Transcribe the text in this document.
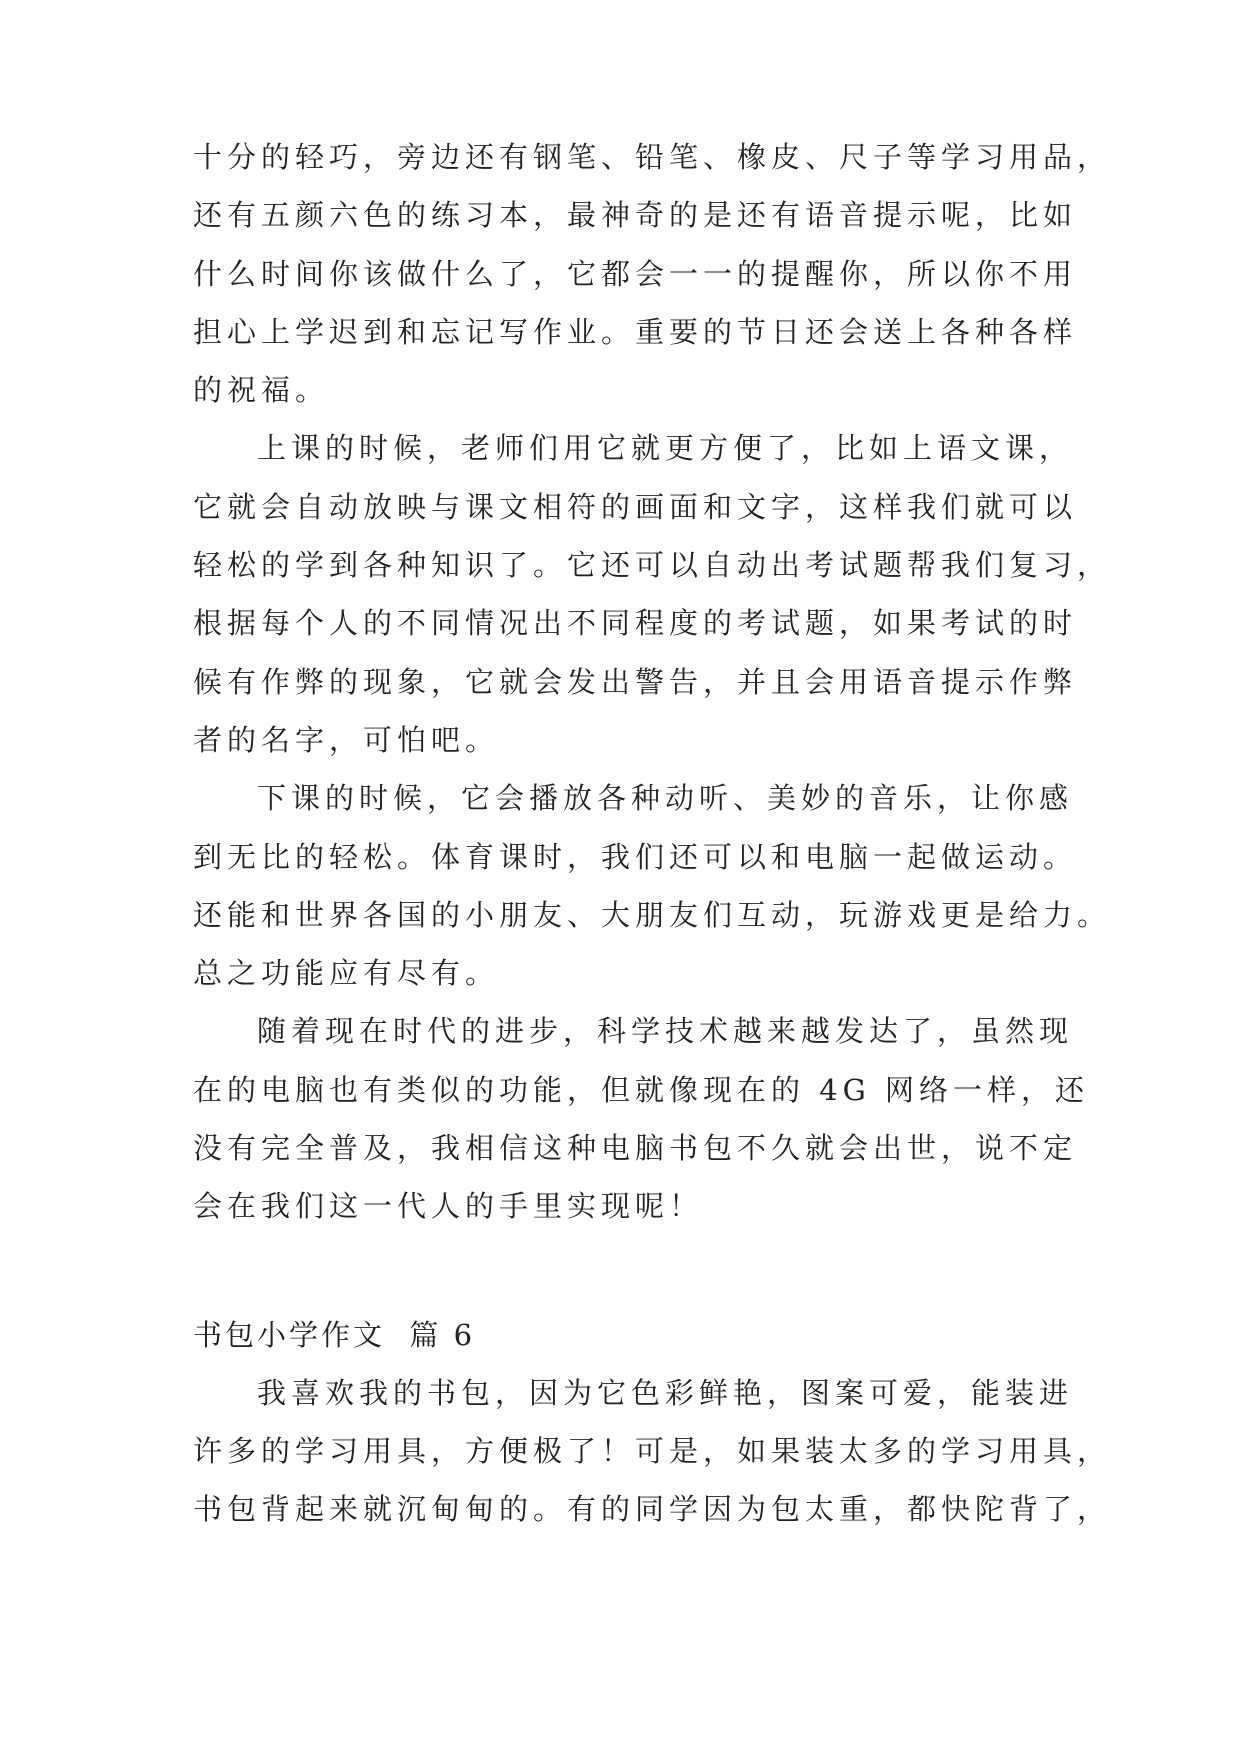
十分的轻巧，旁边还有钢笔、铅笔、橡皮、尺子等学习用品，
还有五颜六色的练习本，最神奇的是还有语音提示呢，比如
什么时间你该做什么了，它都会一一的提醒你，所以你不用
担心上学迟到和忘记写作业。重要的节日还会送上各种各样
的祝福。
上课的时候，老师们用它就更方便了，比如上语文课，
它就会自动放映与课文相符的画面和文字，这样我们就可以
轻松的学到各种知识了。它还可以自动出考试题帮我们复习，
根据每个人的不同情况出不同程度的考试题，如果考试的时
候有作弊的现象，它就会发出警告，并且会用语音提示作弊
者的名字，可怕吧。
下课的时候，它会播放各种动听、美妙的音乐，让你感
到无比的轻松。体育课时，我们还可以和电脑一起做运动。
还能和世界各国的小朋友、大朋友们互动，玩游戏更是给力。
总之功能应有尽有。
随着现在时代的进步，科学技术越来越发达了，虽然现
在的电脑也有类似的功能，但就像现在的 4G 网络一样，还
没有完全普及，我相信这种电脑书包不久就会出世，说不定
会在我们这一代人的手里实现呢！
书包小学作文  篇 6
我喜欢我的书包，因为它色彩鲜艳，图案可爱，能装进
许多的学习用具，方便极了！可是，如果装太多的学习用具，
书包背起来就沉甸甸的。有的同学因为包太重，都快陀背了，
